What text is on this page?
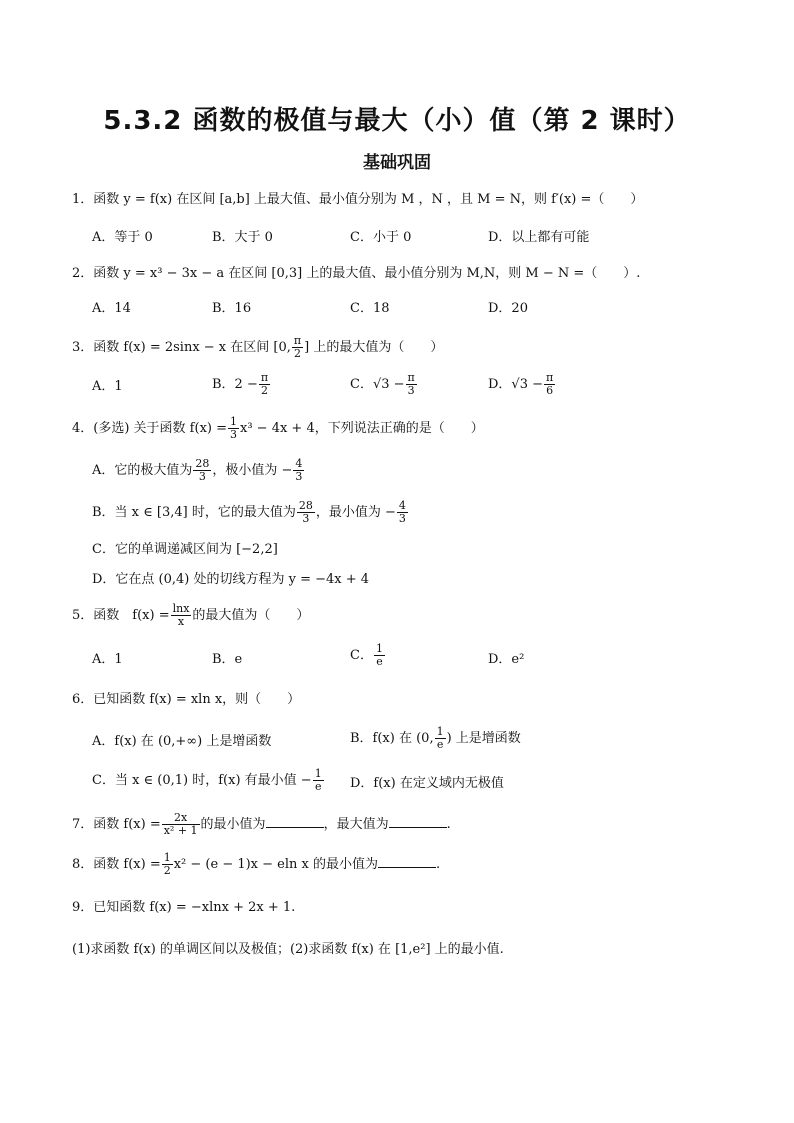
5.3.2 函数的极值与最大（小）值（第 2 课时）
基础巩固
1．函数 y = f(x) 在区间 [a,b] 上最大值、最小值分别为 M ，N ，且 M = N，则 f′(x) =（　　）
A．等于 0	B．大于 0	C．小于 0	D．以上都有可能
2．函数 y = x³ − 3x − a 在区间 [0,3] 上的最大值、最小值分别为 M,N，则 M − N =（　　）.
A．14	B．16	C．18	D．20
3．函数 f(x) = 2sinx − x 在区间 [0, $\frac{\pi}{2}$ ] 上的最大值为（　　）
A．1	B．$2 - \frac{\pi}{2}$	C．$√3 - \frac{\pi}{3}$	D．$√3 - \frac{\pi}{6}$
4．(多选) 关于函数 $f(x) = \frac{1}{3} x^3 - 4x + 4$，下列说法正确的是（　　）
A．它的极大值为 $\frac{28}{3}$ ，极小值为 − $\frac{4}{3}$
B．当 x ∈ [3,4] 时，它的最大值为 $\frac{28}{3}$ ，最小值为 − $\frac{4}{3}$
C．它的单调递减区间为 [−2,2]
D．它在点 (0,4) 处的切线方程为 y = −4x + 4
5．函数　$f(x) = \frac{\ln x}{x}$ 的最大值为（　　）
A．1	B．e	C． $\frac{1}{e}$	D．e²
6．已知函数 f(x) = xln x，则（　　）
A．f(x) 在 (0,+∞) 上是增函数	B．f(x) 在 (0, $\frac{1}{e}$ ) 上是增函数
C．当 x ∈ (0,1) 时，f(x) 有最小值 − $\frac{1}{e}$ D．f(x) 在定义域内无极值
7．函数 $f(x) = \frac{2x}{\text{x² + 1}}$ 的最小值为	，最大值为	.
8．函数 $f(x) = \frac{1}{2} x^2 - (e - 1)x - eln$ x 的最小值为	.
9．已知函数 f(x) = −xlnx + 2x + 1.
(1)求函数 f(x) 的单调区间以及极值；(2)求函数 f(x) 在 [1,e²] 上的最小值.
